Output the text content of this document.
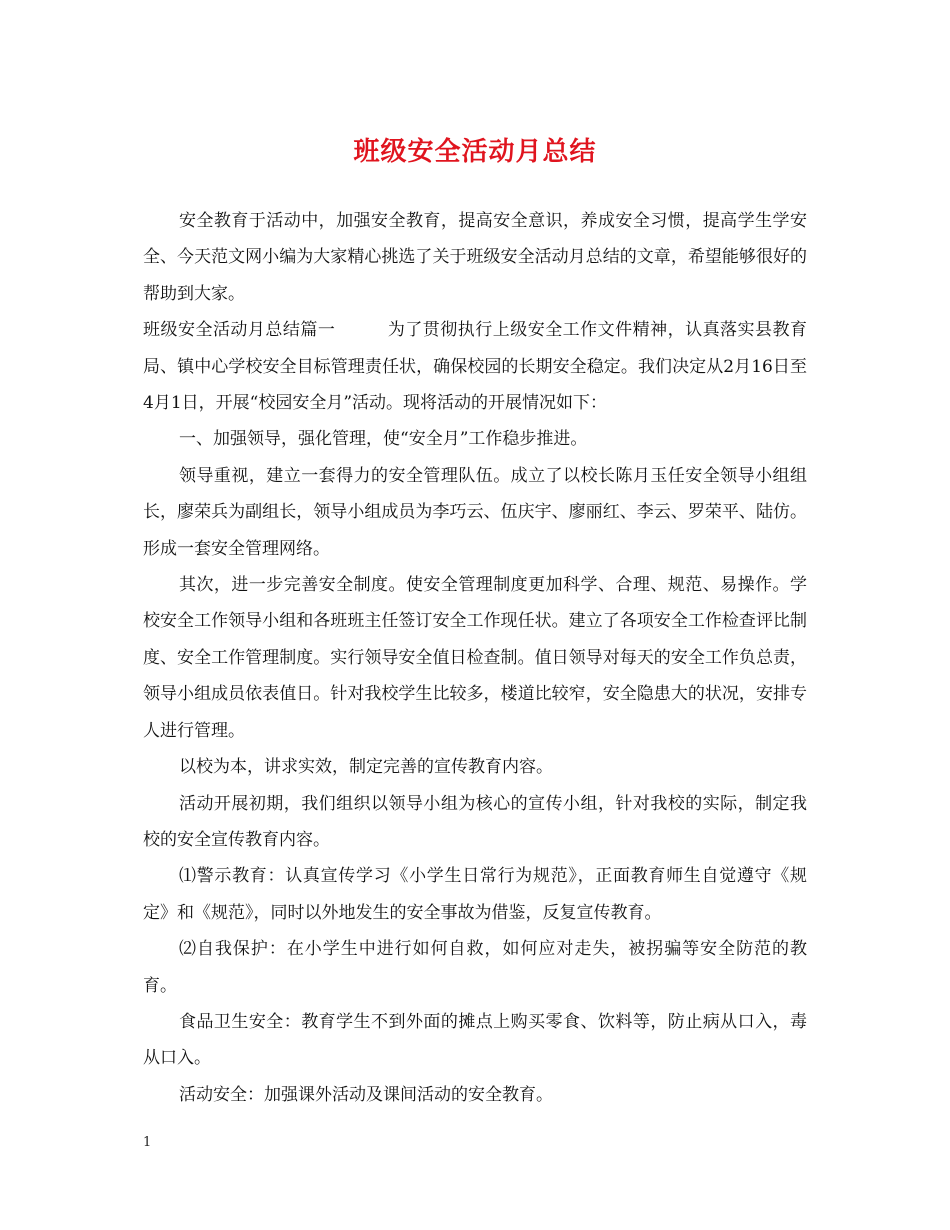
班级安全活动月总结

安全教育于活动中，加强安全教育，提高安全意识，养成安全习惯，提高学生学安全、今天范文网小编为大家精心挑选了关于班级安全活动月总结的文章，希望能够很好的帮助到大家。

班级安全活动月总结篇一	为了贯彻执行上级安全工作文件精神，认真落实县教育局、镇中心学校安全目标管理责任状，确保校园的长期安全稳定。我们决定从2月16日至4月1日，开展“校园安全月”活动。现将活动的开展情况如下：

一、加强领导，强化管理，使“安全月”工作稳步推进。

领导重视，建立一套得力的安全管理队伍。成立了以校长陈月玉任安全领导小组组长，廖荣兵为副组长，领导小组成员为李巧云、伍庆宇、廖丽红、李云、罗荣平、陆仿。形成一套安全管理网络。

其次，进一步完善安全制度。使安全管理制度更加科学、合理、规范、易操作。学校安全工作领导小组和各班班主任签订安全工作现任状。建立了各项安全工作检查评比制度、安全工作管理制度。实行领导安全值日检查制。值日领导对每天的安全工作负总责，领导小组成员依表值日。针对我校学生比较多，楼道比较窄，安全隐患大的状况，安排专人进行管理。

以校为本，讲求实效，制定完善的宣传教育内容。

活动开展初期，我们组织以领导小组为核心的宣传小组，针对我校的实际，制定我校的安全宣传教育内容。

⑴警示教育：认真宣传学习《小学生日常行为规范》，正面教育师生自觉遵守《规定》和《规范》，同时以外地发生的安全事故为借鉴，反复宣传教育。

⑵自我保护：在小学生中进行如何自救，如何应对走失，被拐骗等安全防范的教育。

食品卫生安全：教育学生不到外面的摊点上购买零食、饮料等，防止病从口入，毒从口入。

活动安全：加强课外活动及课间活动的安全教育。

1
